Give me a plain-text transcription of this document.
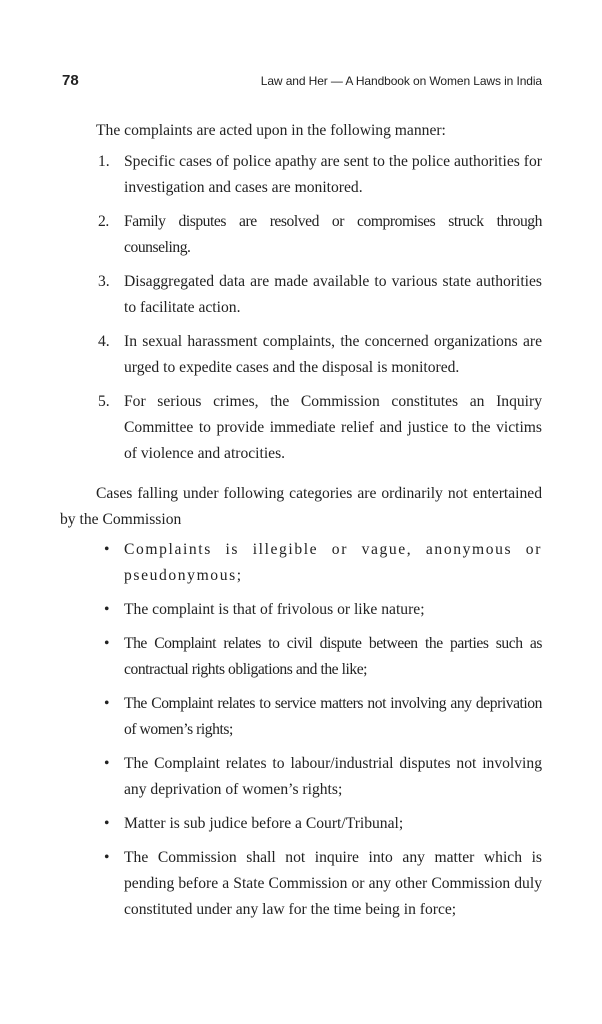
78	Law and Her — A Handbook on Women Laws in India

The complaints are acted upon in the following manner:

1. Specific cases of police apathy are sent to the police authorities for investigation and cases are monitored.
2. Family disputes are resolved or compromises struck through counseling.
3. Disaggregated data are made available to various state authorities to facilitate action.
4. In sexual harassment complaints, the concerned organizations are urged to expedite cases and the disposal is monitored.
5. For serious crimes, the Commission constitutes an Inquiry Committee to provide immediate relief and justice to the victims of violence and atrocities.

Cases falling under following categories are ordinarily not entertained by the Commission

• Complaints is illegible or vague, anonymous or pseudonymous;
• The complaint is that of frivolous or like nature;
• The Complaint relates to civil dispute between the parties such as contractual rights obligations and the like;
• The Complaint relates to service matters not involving any deprivation of women’s rights;
• The Complaint relates to labour/industrial disputes not involving any deprivation of women’s rights;
• Matter is sub judice before a Court/Tribunal;
• The Commission shall not inquire into any matter which is pending before a State Commission or any other Commission duly constituted under any law for the time being in force;
